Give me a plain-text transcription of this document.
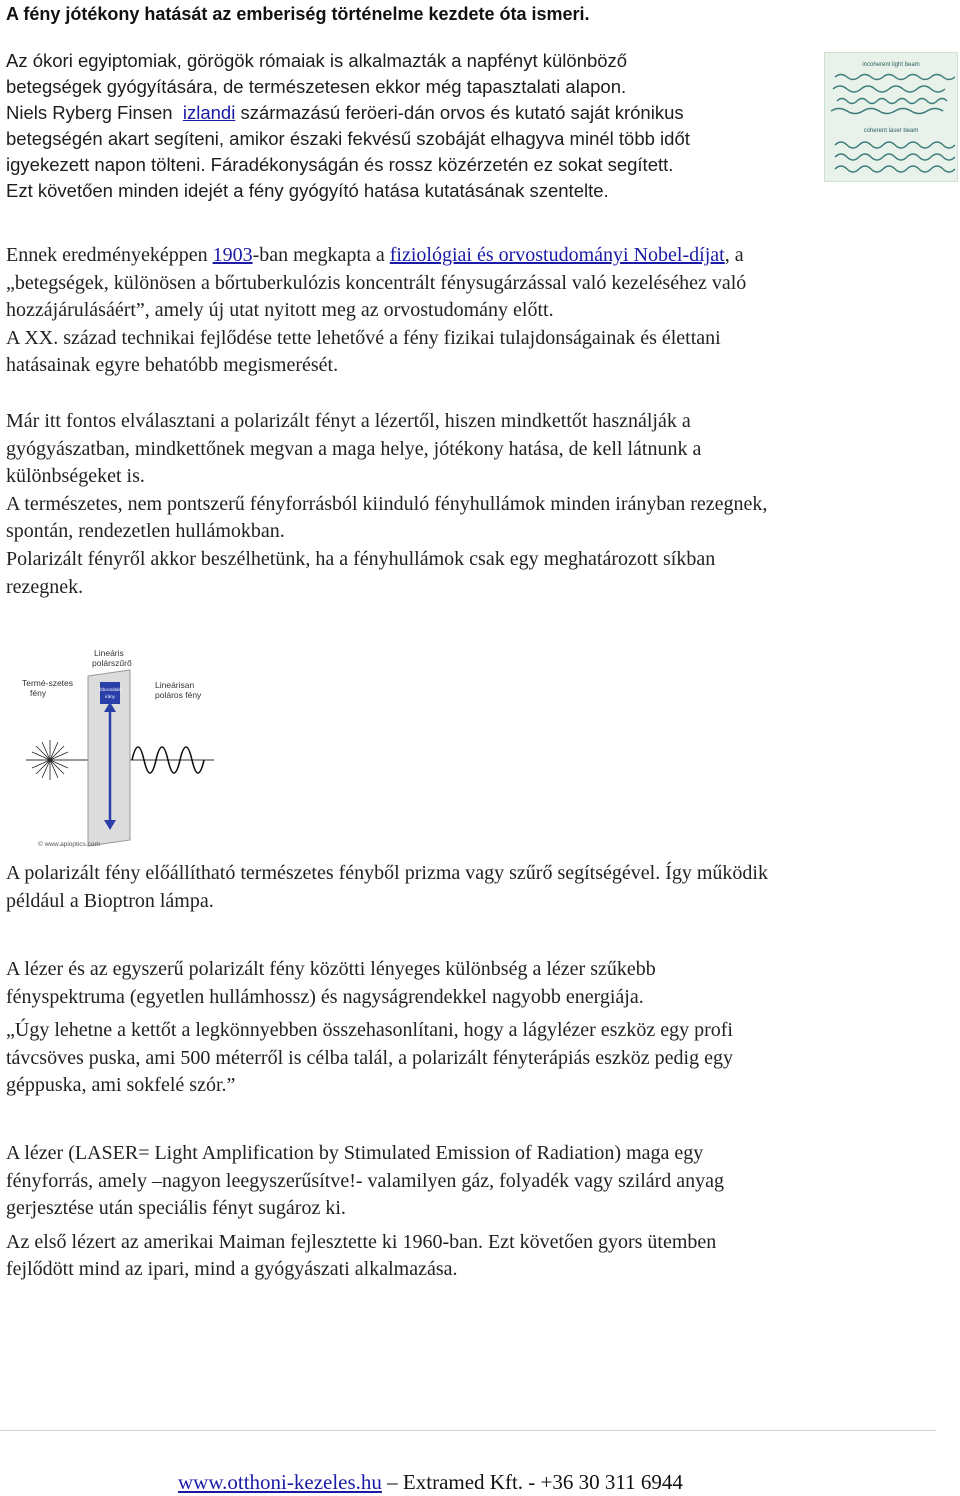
A fény jótékony hatását az emberiség történelme kezdete óta ismeri.
Az ókori egyiptomiak, görögök rómaiak is alkalmazták a napfényt különböző
betegségek gyógyítására, de természetesen ekkor még tapasztalati alapon.
Niels Ryberg Finsen izlandi származású feröeri-dán orvos és kutató saját krónikus
betegségén akart segíteni, amikor északi fekvésű szobáját elhagyva minél több időt
igyekezett napon tölteni. Fáradékonyságán és rossz közérzetén ez sokat segített.
Ezt követően minden idejét a fény gyógyító hatása kutatásának szentelte.
incoherent light beam
coherent laser beam
Ennek eredményeképpen 1903-ban megkapta a fiziológiai és orvostudományi Nobel-díjat, a
„betegségek, különösen a bőrtuberkulózis koncentrált fénysugárzással való kezeléséhez való
hozzájárulásáért”, amely új utat nyitott meg az orvostudomány előtt.
A XX. század technikai fejlődése tette lehetővé a fény fizikai tulajdonságainak és élettani
hatásainak egyre behatóbb megismerését.
Már itt fontos elválasztani a polarizált fényt a lézertől, hiszen mindkettőt használják a
gyógyászatban, mindkettőnek megvan a maga helye, jótékony hatása, de kell látnunk a
különbségeket is.
A természetes, nem pontszerű fényforrásból kiinduló fényhullámok minden irányban rezegnek,
spontán, rendezetlen hullámokban.
Polarizált fényről akkor beszélhetünk, ha a fényhullámok csak egy meghatározott síkban
rezegnek.
Termé-szetes
fény
Lineáris
polárszűrő
Lineárisan
poláros fény
Átbocsátási
irány
© www.apioptics.com
A polarizált fény előállítható természetes fényből prizma vagy szűrő segítségével. Így működik
például a Bioptron lámpa.
A lézer és az egyszerű polarizált fény közötti lényeges különbség a lézer szűkebb
fényspektruma (egyetlen hullámhossz) és nagyságrendekkel nagyobb energiája.
„Úgy lehetne a kettőt a legkönnyebben összehasonlítani, hogy a lágylézer eszköz egy profi
távcsöves puska, ami 500 méterről is célba talál, a polarizált fényterápiás eszköz pedig egy
géppuska, ami sokfelé szór.”
A lézer (LASER= Light Amplification by Stimulated Emission of Radiation) maga egy
fényforrás, amely –nagyon leegyszerűsítve!- valamilyen gáz, folyadék vagy szilárd anyag
gerjesztése után speciális fényt sugároz ki.
Az első lézert az amerikai Maiman fejlesztette ki 1960-ban. Ezt követően gyors ütemben
fejlődött mind az ipari, mind a gyógyászati alkalmazása.
www.otthoni-kezeles.hu – Extramed Kft. - +36 30 311 6944
